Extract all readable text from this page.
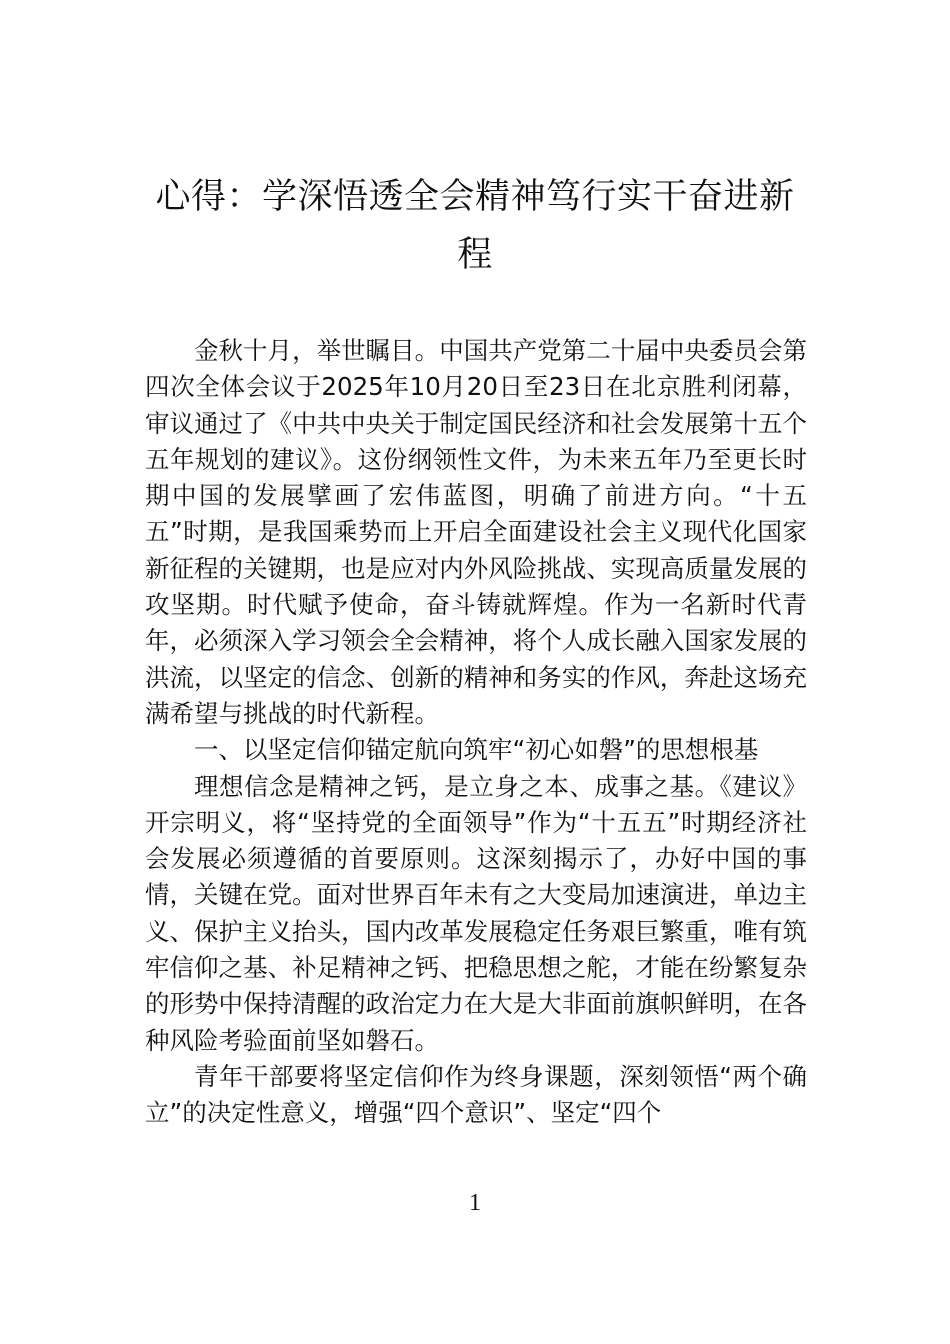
心得：学深悟透全会精神笃行实干奋进新程

金秋十月，举世瞩目。中国共产党第二十届中央委员会第四次全体会议于2025年10月20日至23日在北京胜利闭幕，审议通过了《中共中央关于制定国民经济和社会发展第十五个五年规划的建议》。这份纲领性文件，为未来五年乃至更长时期中国的发展擘画了宏伟蓝图，明确了前进方向。“十五五”时期，是我国乘势而上开启全面建设社会主义现代化国家新征程的关键期，也是应对内外风险挑战、实现高质量发展的攻坚期。时代赋予使命，奋斗铸就辉煌。作为一名新时代青年，必须深入学习领会全会精神，将个人成长融入国家发展的洪流，以坚定的信念、创新的精神和务实的作风，奔赴这场充满希望与挑战的时代新程。

一、以坚定信仰锚定航向筑牢“初心如磐”的思想根基

理想信念是精神之钙，是立身之本、成事之基。《建议》开宗明义，将“坚持党的全面领导”作为“十五五”时期经济社会发展必须遵循的首要原则。这深刻揭示了，办好中国的事情，关键在党。面对世界百年未有之大变局加速演进，单边主义、保护主义抬头，国内改革发展稳定任务艰巨繁重，唯有筑牢信仰之基、补足精神之钙、把稳思想之舵，才能在纷繁复杂的形势中保持清醒的政治定力在大是大非面前旗帜鲜明，在各种风险考验面前坚如磐石。

青年干部要将坚定信仰作为终身课题，深刻领悟“两个确立”的决定性意义，增强“四个意识”、坚定“四个

1
